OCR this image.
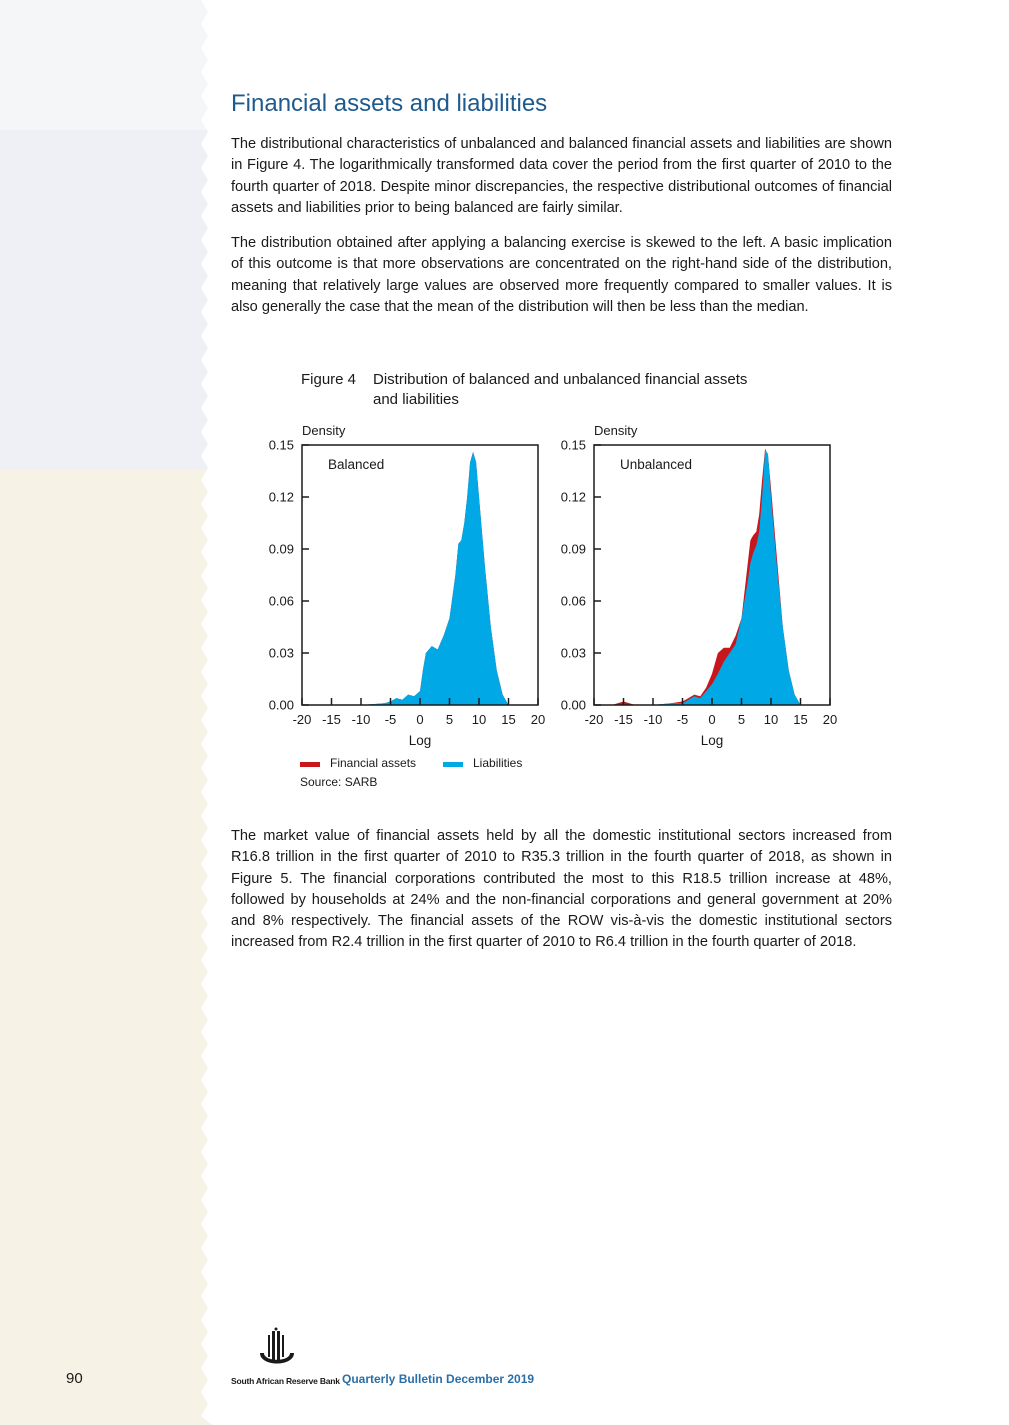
Financial assets and liabilities

The distributional characteristics of unbalanced and balanced financial assets and liabilities are shown in Figure 4. The logarithmically transformed data cover the period from the first quarter of 2010 to the fourth quarter of 2018. Despite minor discrepancies, the respective distributional outcomes of financial assets and liabilities prior to being balanced are fairly similar.

The distribution obtained after applying a balancing exercise is skewed to the left. A basic implication of this outcome is that more observations are concentrated on the right-hand side of the distribution, meaning that relatively large values are observed more frequently compared to smaller values. It is also generally the case that the mean of the distribution will then be less than the median.

Figure 4 Distribution of balanced and unbalanced financial assets and liabilities
0.00
0.03
0.06
0.09
0.12
0.15
-20 -15 -10 -5 0 5 10 15 20
Density
Log
Balanced
0.00
0.03
0.06
0.09
0.12
0.15
-20 -15 -10 -5 0 5 10 15 20
Density
Log
Unbalanced
Financial assets	Liabilities
Source: SARB

The market value of financial assets held by all the domestic institutional sectors increased from R16.8 trillion in the first quarter of 2010 to R35.3 trillion in the fourth quarter of 2018, as shown in Figure 5. The financial corporations contributed the most to this R18.5 trillion increase at 48%, followed by households at 24% and the non-financial corporations and general government at 20% and 8% respectively. The financial assets of the ROW vis-à-vis the domestic institutional sectors increased from R2.4 trillion in the first quarter of 2010 to R6.4 trillion in the fourth quarter of 2018.

90	South African Reserve Bank Quarterly Bulletin December 2019
